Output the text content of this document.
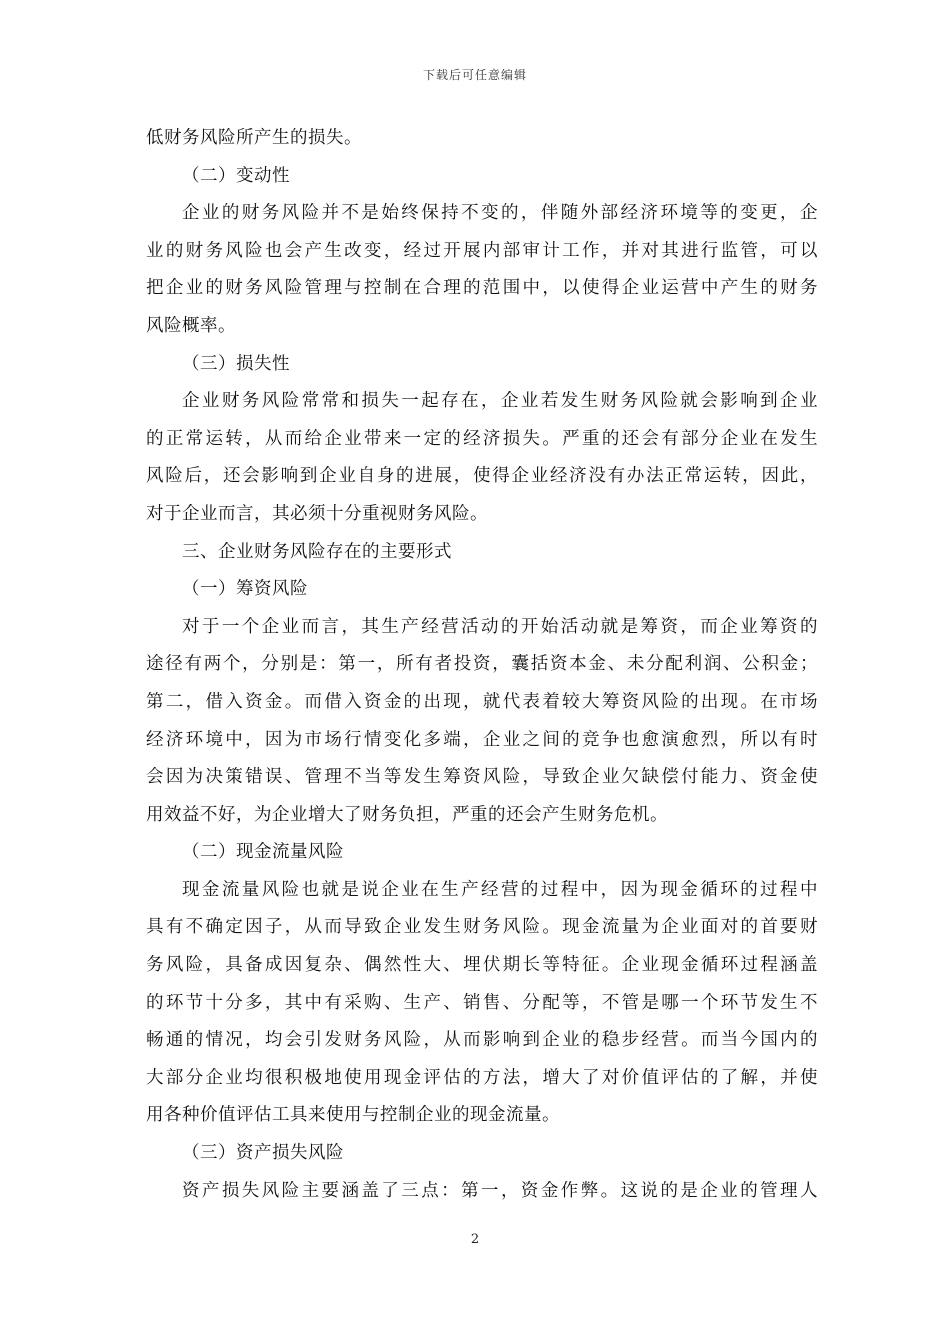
下载后可任意编辑
低财务风险所产生的损失。
（二）变动性
企业的财务风险并不是始终保持不变的，伴随外部经济环境等的变更，企
业的财务风险也会产生改变，经过开展内部审计工作，并对其进行监管，可以
把企业的财务风险管理与控制在合理的范围中，以使得企业运营中产生的财务
风险概率。
（三）损失性
企业财务风险常常和损失一起存在，企业若发生财务风险就会影响到企业
的正常运转，从而给企业带来一定的经济损失。严重的还会有部分企业在发生
风险后，还会影响到企业自身的进展，使得企业经济没有办法正常运转，因此，
对于企业而言，其必须十分重视财务风险。
三、企业财务风险存在的主要形式
（一）筹资风险
对于一个企业而言，其生产经营活动的开始活动就是筹资，而企业筹资的
途径有两个，分别是：第一，所有者投资，囊括资本金、未分配利润、公积金；
第二，借入资金。而借入资金的出现，就代表着较大筹资风险的出现。在市场
经济环境中，因为市场行情变化多端，企业之间的竞争也愈演愈烈，所以有时
会因为决策错误、管理不当等发生筹资风险，导致企业欠缺偿付能力、资金使
用效益不好，为企业增大了财务负担，严重的还会产生财务危机。
（二）现金流量风险
现金流量风险也就是说企业在生产经营的过程中，因为现金循环的过程中
具有不确定因子，从而导致企业发生财务风险。现金流量为企业面对的首要财
务风险，具备成因复杂、偶然性大、埋伏期长等特征。企业现金循环过程涵盖
的环节十分多，其中有采购、生产、销售、分配等，不管是哪一个环节发生不
畅通的情况，均会引发财务风险，从而影响到企业的稳步经营。而当今国内的
大部分企业均很积极地使用现金评估的方法，增大了对价值评估的了解，并使
用各种价值评估工具来使用与控制企业的现金流量。
（三）资产损失风险
资产损失风险主要涵盖了三点：第一，资金作弊。这说的是企业的管理人
2
